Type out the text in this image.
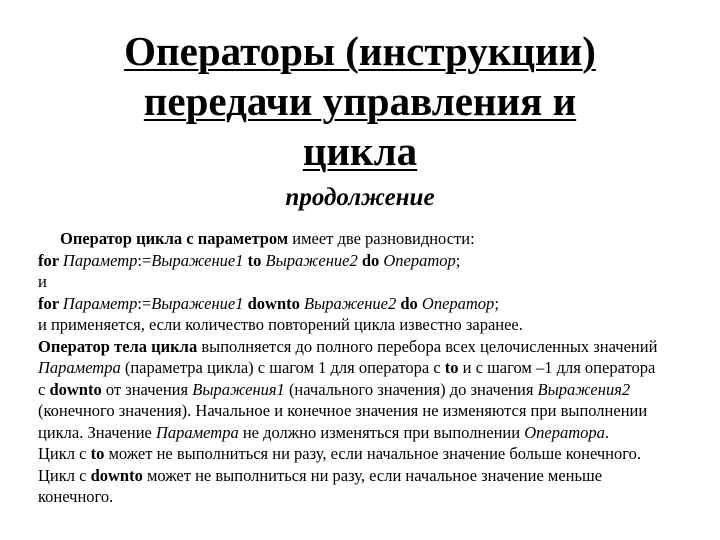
Операторы (инструкции)
передачи управления и
цикла
продолжение
Оператор цикла с параметром имеет две разновидности:
for Параметр:=Выражение1 to Выражение2 do Оператор;
и
for Параметр:=Выражение1 downto Выражение2 do Оператор;
и применяется, если количество повторений цикла известно заранее.
Оператор тела цикла выполняется до полного перебора всех целочисленных значений
Параметра (параметра цикла) с шагом 1 для оператора с to и с шагом –1 для оператора
с downto от значения Выражения1 (начального значения) до значения Выражения2
(конечного значения). Начальное и конечное значения не изменяются при выполнении
цикла. Значение Параметра не должно изменяться при выполнении Оператора.
Цикл с to может не выполниться ни разу, если начальное значение больше конечного.
Цикл с downto может не выполниться ни разу, если начальное значение меньше
конечного.
